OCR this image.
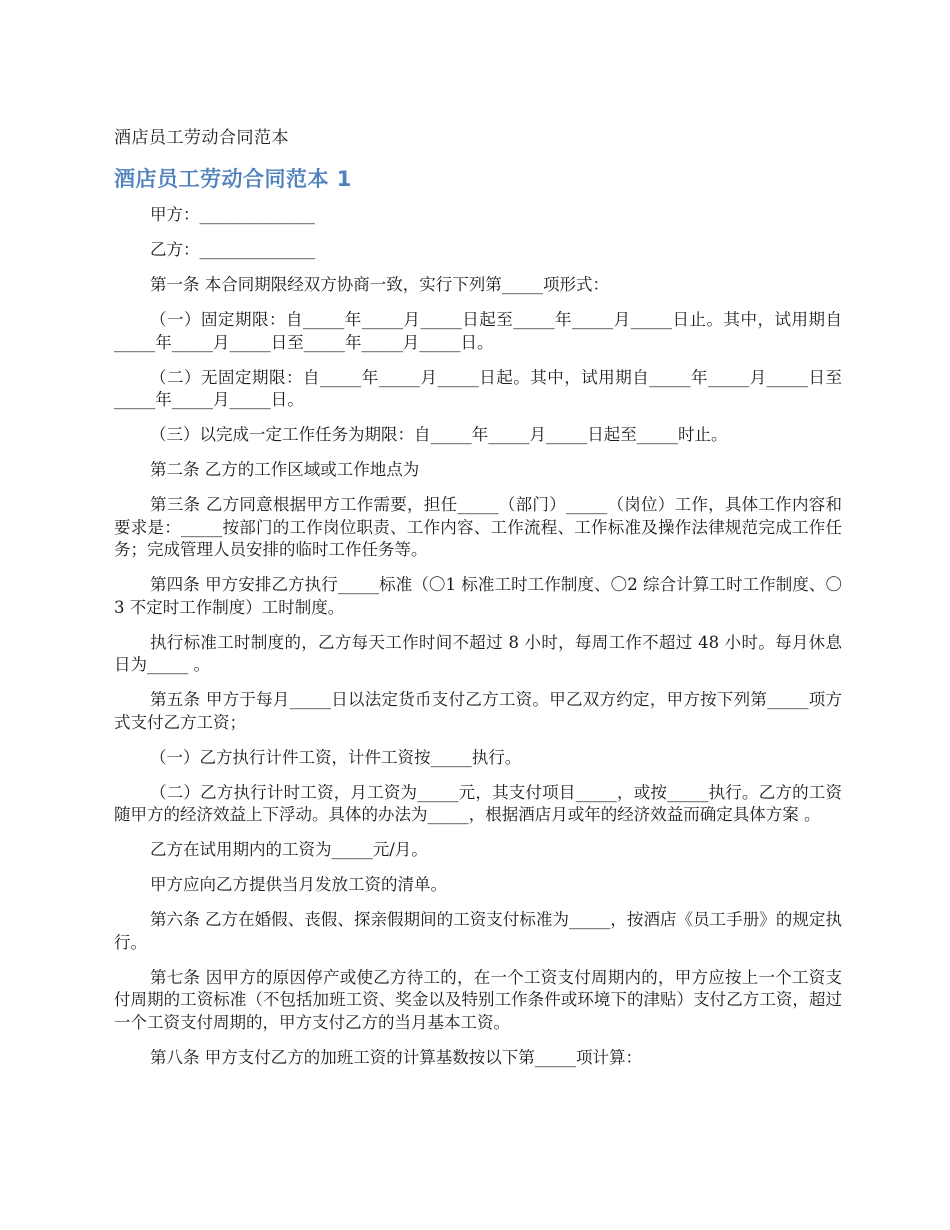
酒店员工劳动合同范本
酒店员工劳动合同范本 1

甲方：______________

乙方：______________

第一条 本合同期限经双方协商一致，实行下列第_____项形式：

（一）固定期限：自_____年_____月_____日起至_____年_____月_____日止。其中，试用期自_____年_____月_____日至_____年_____月_____日。

（二）无固定期限：自_____年_____月_____日起。其中，试用期自_____年_____月_____日至_____年_____月_____日。

（三）以完成一定工作任务为期限：自_____年_____月_____日起至_____时止。

第二条 乙方的工作区域或工作地点为

第三条 乙方同意根据甲方工作需要，担任_____（部门）_____（岗位）工作，具体工作内容和要求是：_____按部门的工作岗位职责、工作内容、工作流程、工作标准及操作法律规范完成工作任务；完成管理人员安排的临时工作任务等。

第四条 甲方安排乙方执行_____标准（〇1 标准工时工作制度、〇2 综合计算工时工作制度、〇3 不定时工作制度）工时制度。

执行标准工时制度的，乙方每天工作时间不超过 8 小时，每周工作不超过 48 小时。每月休息日为_____ 。

第五条 甲方于每月_____日以法定货币支付乙方工资。甲乙双方约定，甲方按下列第_____项方式支付乙方工资；

（一）乙方执行计件工资，计件工资按_____执行。

（二）乙方执行计时工资，月工资为_____元，其支付项目_____，或按_____执行。乙方的工资随甲方的经济效益上下浮动。具体的办法为_____，根据酒店月或年的经济效益而确定具体方案 。

乙方在试用期内的工资为_____元/月。

甲方应向乙方提供当月发放工资的清单。

第六条 乙方在婚假、丧假、探亲假期间的工资支付标准为_____，按酒店《员工手册》的规定执行。

第七条 因甲方的原因停产或使乙方待工的，在一个工资支付周期内的，甲方应按上一个工资支付周期的工资标准（不包括加班工资、奖金以及特别工作条件或环境下的津贴）支付乙方工资，超过一个工资支付周期的，甲方支付乙方的当月基本工资。

第八条 甲方支付乙方的加班工资的计算基数按以下第_____项计算：
